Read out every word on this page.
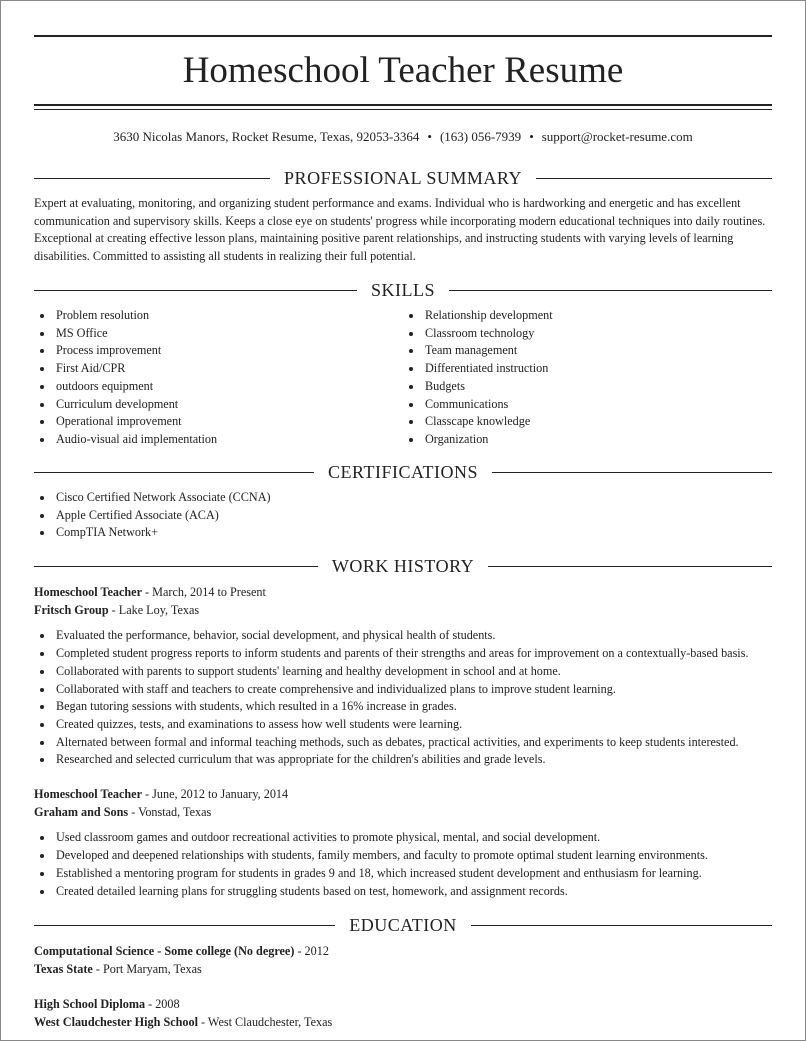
Homeschool Teacher Resume
3630 Nicolas Manors, Rocket Resume, Texas, 92053-3364 • (163) 056-7939 • support@rocket-resume.com
PROFESSIONAL SUMMARY
Expert at evaluating, monitoring, and organizing student performance and exams. Individual who is hardworking and energetic and has excellent communication and supervisory skills. Keeps a close eye on students' progress while incorporating modern educational techniques into daily routines. Exceptional at creating effective lesson plans, maintaining positive parent relationships, and instructing students with varying levels of learning disabilities. Committed to assisting all students in realizing their full potential.
SKILLS
Problem resolution
MS Office
Process improvement
First Aid/CPR
outdoors equipment
Curriculum development
Operational improvement
Audio-visual aid implementation
Relationship development
Classroom technology
Team management
Differentiated instruction
Budgets
Communications
Classcape knowledge
Organization
CERTIFICATIONS
Cisco Certified Network Associate (CCNA)
Apple Certified Associate (ACA)
CompTIA Network+
WORK HISTORY
Homeschool Teacher - March, 2014 to Present
Fritsch Group - Lake Loy, Texas
Evaluated the performance, behavior, social development, and physical health of students.
Completed student progress reports to inform students and parents of their strengths and areas for improvement on a contextually-based basis.
Collaborated with parents to support students' learning and healthy development in school and at home.
Collaborated with staff and teachers to create comprehensive and individualized plans to improve student learning.
Began tutoring sessions with students, which resulted in a 16% increase in grades.
Created quizzes, tests, and examinations to assess how well students were learning.
Alternated between formal and informal teaching methods, such as debates, practical activities, and experiments to keep students interested.
Researched and selected curriculum that was appropriate for the children's abilities and grade levels.
Homeschool Teacher - June, 2012 to January, 2014
Graham and Sons - Vonstad, Texas
Used classroom games and outdoor recreational activities to promote physical, mental, and social development.
Developed and deepened relationships with students, family members, and faculty to promote optimal student learning environments.
Established a mentoring program for students in grades 9 and 18, which increased student development and enthusiasm for learning.
Created detailed learning plans for struggling students based on test, homework, and assignment records.
EDUCATION
Computational Science - Some college (No degree) - 2012
Texas State - Port Maryam, Texas
High School Diploma - 2008
West Claudchester High School - West Claudchester, Texas
